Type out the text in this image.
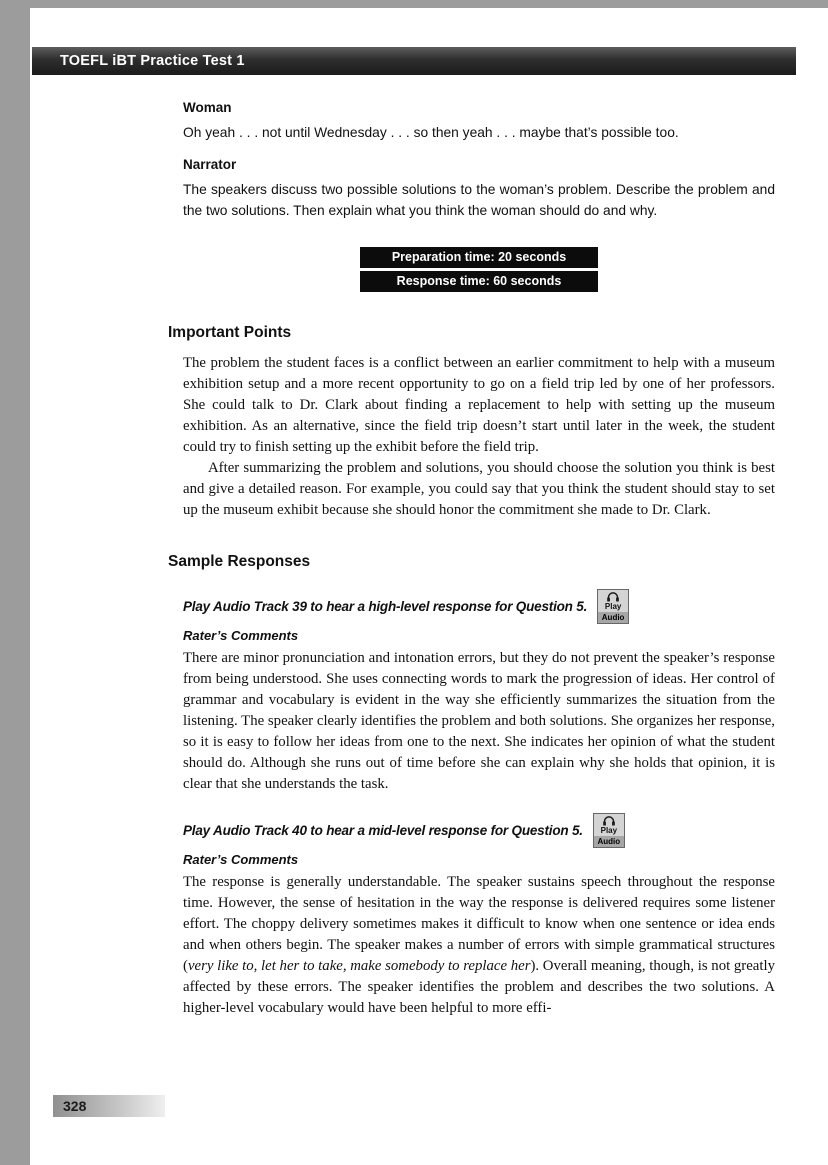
TOEFL iBT Practice Test 1
Woman

Oh yeah . . . not until Wednesday . . . so then yeah . . . maybe that’s possible too.

Narrator

The speakers discuss two possible solutions to the woman’s problem. Describe the problem and the two solutions. Then explain what you think the woman should do and why.

Preparation time: 20 seconds
Response time: 60 seconds
Important Points

The problem the student faces is a conflict between an earlier commitment to help with a museum exhibition setup and a more recent opportunity to go on a field trip led by one of her professors. She could talk to Dr. Clark about finding a replacement to help with setting up the museum exhibition. As an alternative, since the field trip doesn’t start until later in the week, the student could try to finish setting up the exhibit before the field trip.

After summarizing the problem and solutions, you should choose the solution you think is best and give a detailed reason. For example, you could say that you think the student should stay to set up the museum exhibit because she should honor the commitment she made to Dr. Clark.

Sample Responses
Play Audio Track 39 to hear a high-level response for Question 5. Play
Audio
Rater’s Comments

There are minor pronunciation and intonation errors, but they do not prevent the speaker’s response from being understood. She uses connecting words to mark the progression of ideas. Her control of grammar and vocabulary is evident in the way she efficiently summarizes the situation from the listening. The speaker clearly identifies the problem and both solutions. She organizes her response, so it is easy to follow her ideas from one to the next. She indicates her opinion of what the student should do. Although she runs out of time before she can explain why she holds that opinion, it is clear that she understands the task.

Play Audio Track 40 to hear a mid-level response for Question 5. Play
Audio
Rater’s Comments

The response is generally understandable. The speaker sustains speech throughout the response time. However, the sense of hesitation in the way the response is delivered requires some listener effort. The choppy delivery sometimes makes it difficult to know when one sentence or idea ends and when others begin. The speaker makes a number of errors with simple grammatical structures (very like to, let her to take, make somebody to replace her). Overall meaning, though, is not greatly affected by these errors. The speaker identifies the problem and describes the two solutions. A higher-level vocabulary would have been helpful to more effi-

328
